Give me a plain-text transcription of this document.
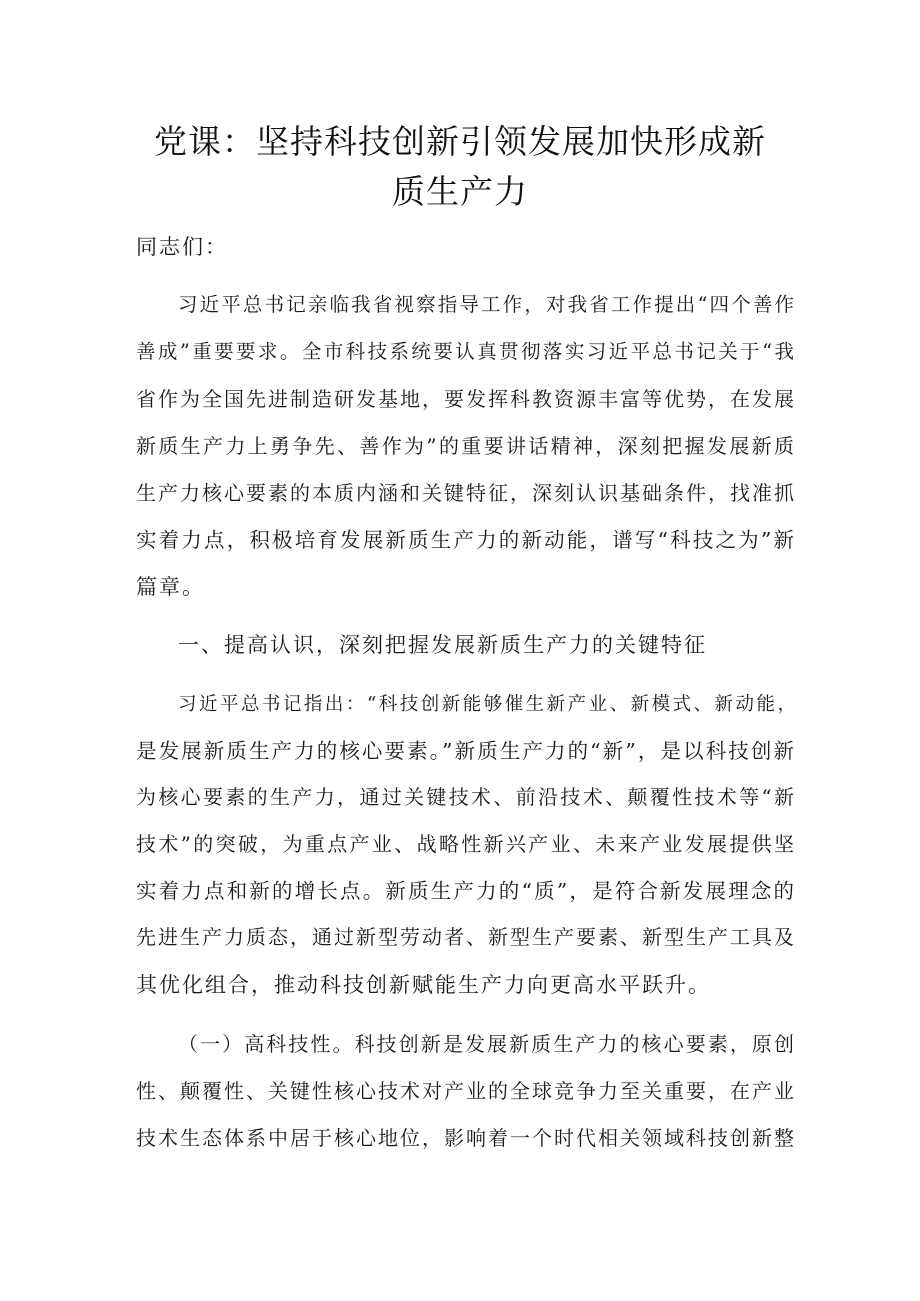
党课：坚持科技创新引领发展加快形成新
质生产力
同志们：
习近平总书记亲临我省视察指导工作，对我省工作提出“四个善作
善成”重要要求。全市科技系统要认真贯彻落实习近平总书记关于“我
省作为全国先进制造研发基地，要发挥科教资源丰富等优势，在发展
新质生产力上勇争先、善作为”的重要讲话精神，深刻把握发展新质
生产力核心要素的本质内涵和关键特征，深刻认识基础条件，找准抓
实着力点，积极培育发展新质生产力的新动能，谱写“科技之为”新
篇章。
一、提高认识，深刻把握发展新质生产力的关键特征
习近平总书记指出：“科技创新能够催生新产业、新模式、新动能，
是发展新质生产力的核心要素。”新质生产力的“新”，是以科技创新
为核心要素的生产力，通过关键技术、前沿技术、颠覆性技术等“新
技术”的突破，为重点产业、战略性新兴产业、未来产业发展提供坚
实着力点和新的增长点。新质生产力的“质”，是符合新发展理念的
先进生产力质态，通过新型劳动者、新型生产要素、新型生产工具及
其优化组合，推动科技创新赋能生产力向更高水平跃升。
（一）高科技性。科技创新是发展新质生产力的核心要素，原创
性、颠覆性、关键性核心技术对产业的全球竞争力至关重要，在产业
技术生态体系中居于核心地位，影响着一个时代相关领域科技创新整
